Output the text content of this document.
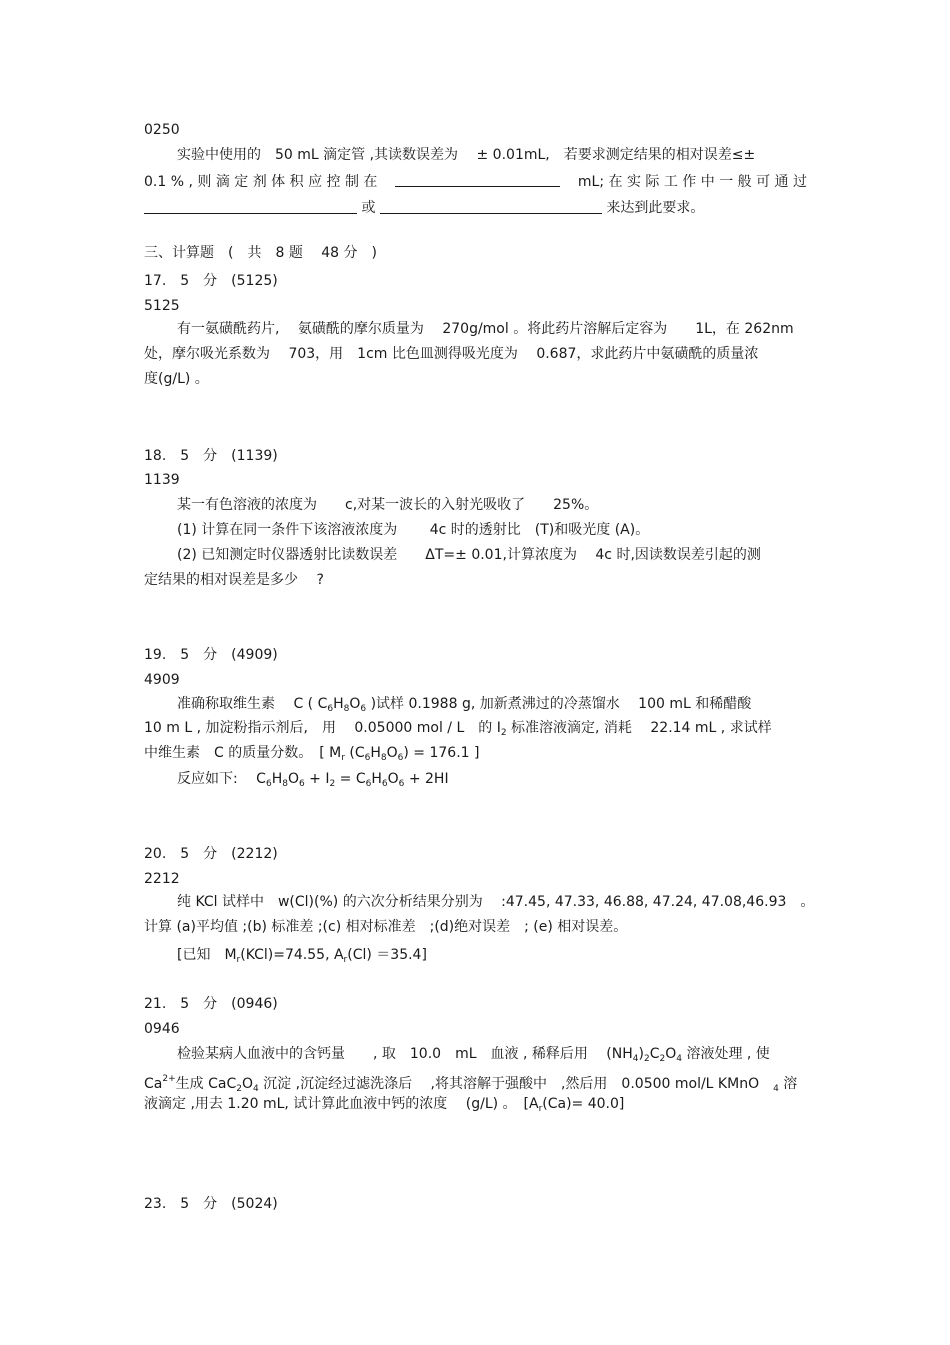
0250
实验中使用的　50 mL 滴定管 ,其读数误差为　 ± 0.01mL,　若要求测定结果的相对误差≤±
0.1 % , 则 滴 定 剂 体 积 应 控 制 在	mL; 在 实 际 工 作 中 一 般 可 通 过
或	来达到此要求。
三、计算题　(　共　8 题　 48 分　)
17.　5　分　(5125)
5125
有一氨磺酰药片,　 氨磺酰的摩尔质量为　 270g/mol 。将此药片溶解后定容为　　1L，在 262nm
处，摩尔吸光系数为　 703，用　1cm 比色皿测得吸光度为　 0.687，求此药片中氨磺酰的质量浓
度(g/L) 。
18.　5　分　(1139)
1139
某一有色溶液的浓度为　　c,对某一波长的入射光吸收了　　25%。
(1) 计算在同一条件下该溶液浓度为　　 4c 时的透射比　(T)和吸光度 (A)。
(2) 已知测定时仪器透射比读数误差　　ΔT=± 0.01,计算浓度为　 4c 时,因读数误差引起的测
定结果的相对误差是多少　 ?
19.　5　分　(4909)
4909
准确称取维生素　 C ( $C_6H_8O_6$ )试样 0.1988 g, 加新煮沸过的冷蒸馏水　 100 mL 和稀醋酸
10 m L , 加淀粉指示剂后,　用　 0.05000 mol / L　的 $I_2$ 标准溶液滴定, 消耗　 22.14 mL , 求试样
中维生素　C 的质量分数。　[ $M_r$ $(C_6H_8O_6) = 176.1$ ]
反应如下:　 $C_6H_8O_6 + I_2 = C_6H_6O_6 + 2HI$
20.　5　分　(2212)
2212
纯 KCl 试样中　w(Cl)(%) 的六次分析结果分别为　 :47.45, 47.33, 46.88, 47.24, 47.08,46.93　。
计算 (a)平均值 ;(b) 标准差 ;(c) 相对标准差　;(d)绝对误差　; (e) 相对误差。
[已知　$M_r(KCl)=74.55$, $A_r(Cl) =35.4$]
21.　5　分　(0946)
0946
检验某病人血液中的含钙量　　, 取　10.0　mL　血液 , 稀释后用　 $(NH_4)_2C_2O_4$ 溶液处理 , 使
$Ca^{2+}$生成 $CaC_2O_4$ 沉淀 ,沉淀经过滤洗涤后　 ,将其溶解于强酸中　,然后用　0.0500 mol/L KMnO　$_4$ 溶
液滴定 ,用去 1.20 mL, 试计算此血液中钙的浓度　 (g/L) 。　$[A_r(Ca)= 40.0]$
23.　5　分　(5024)
